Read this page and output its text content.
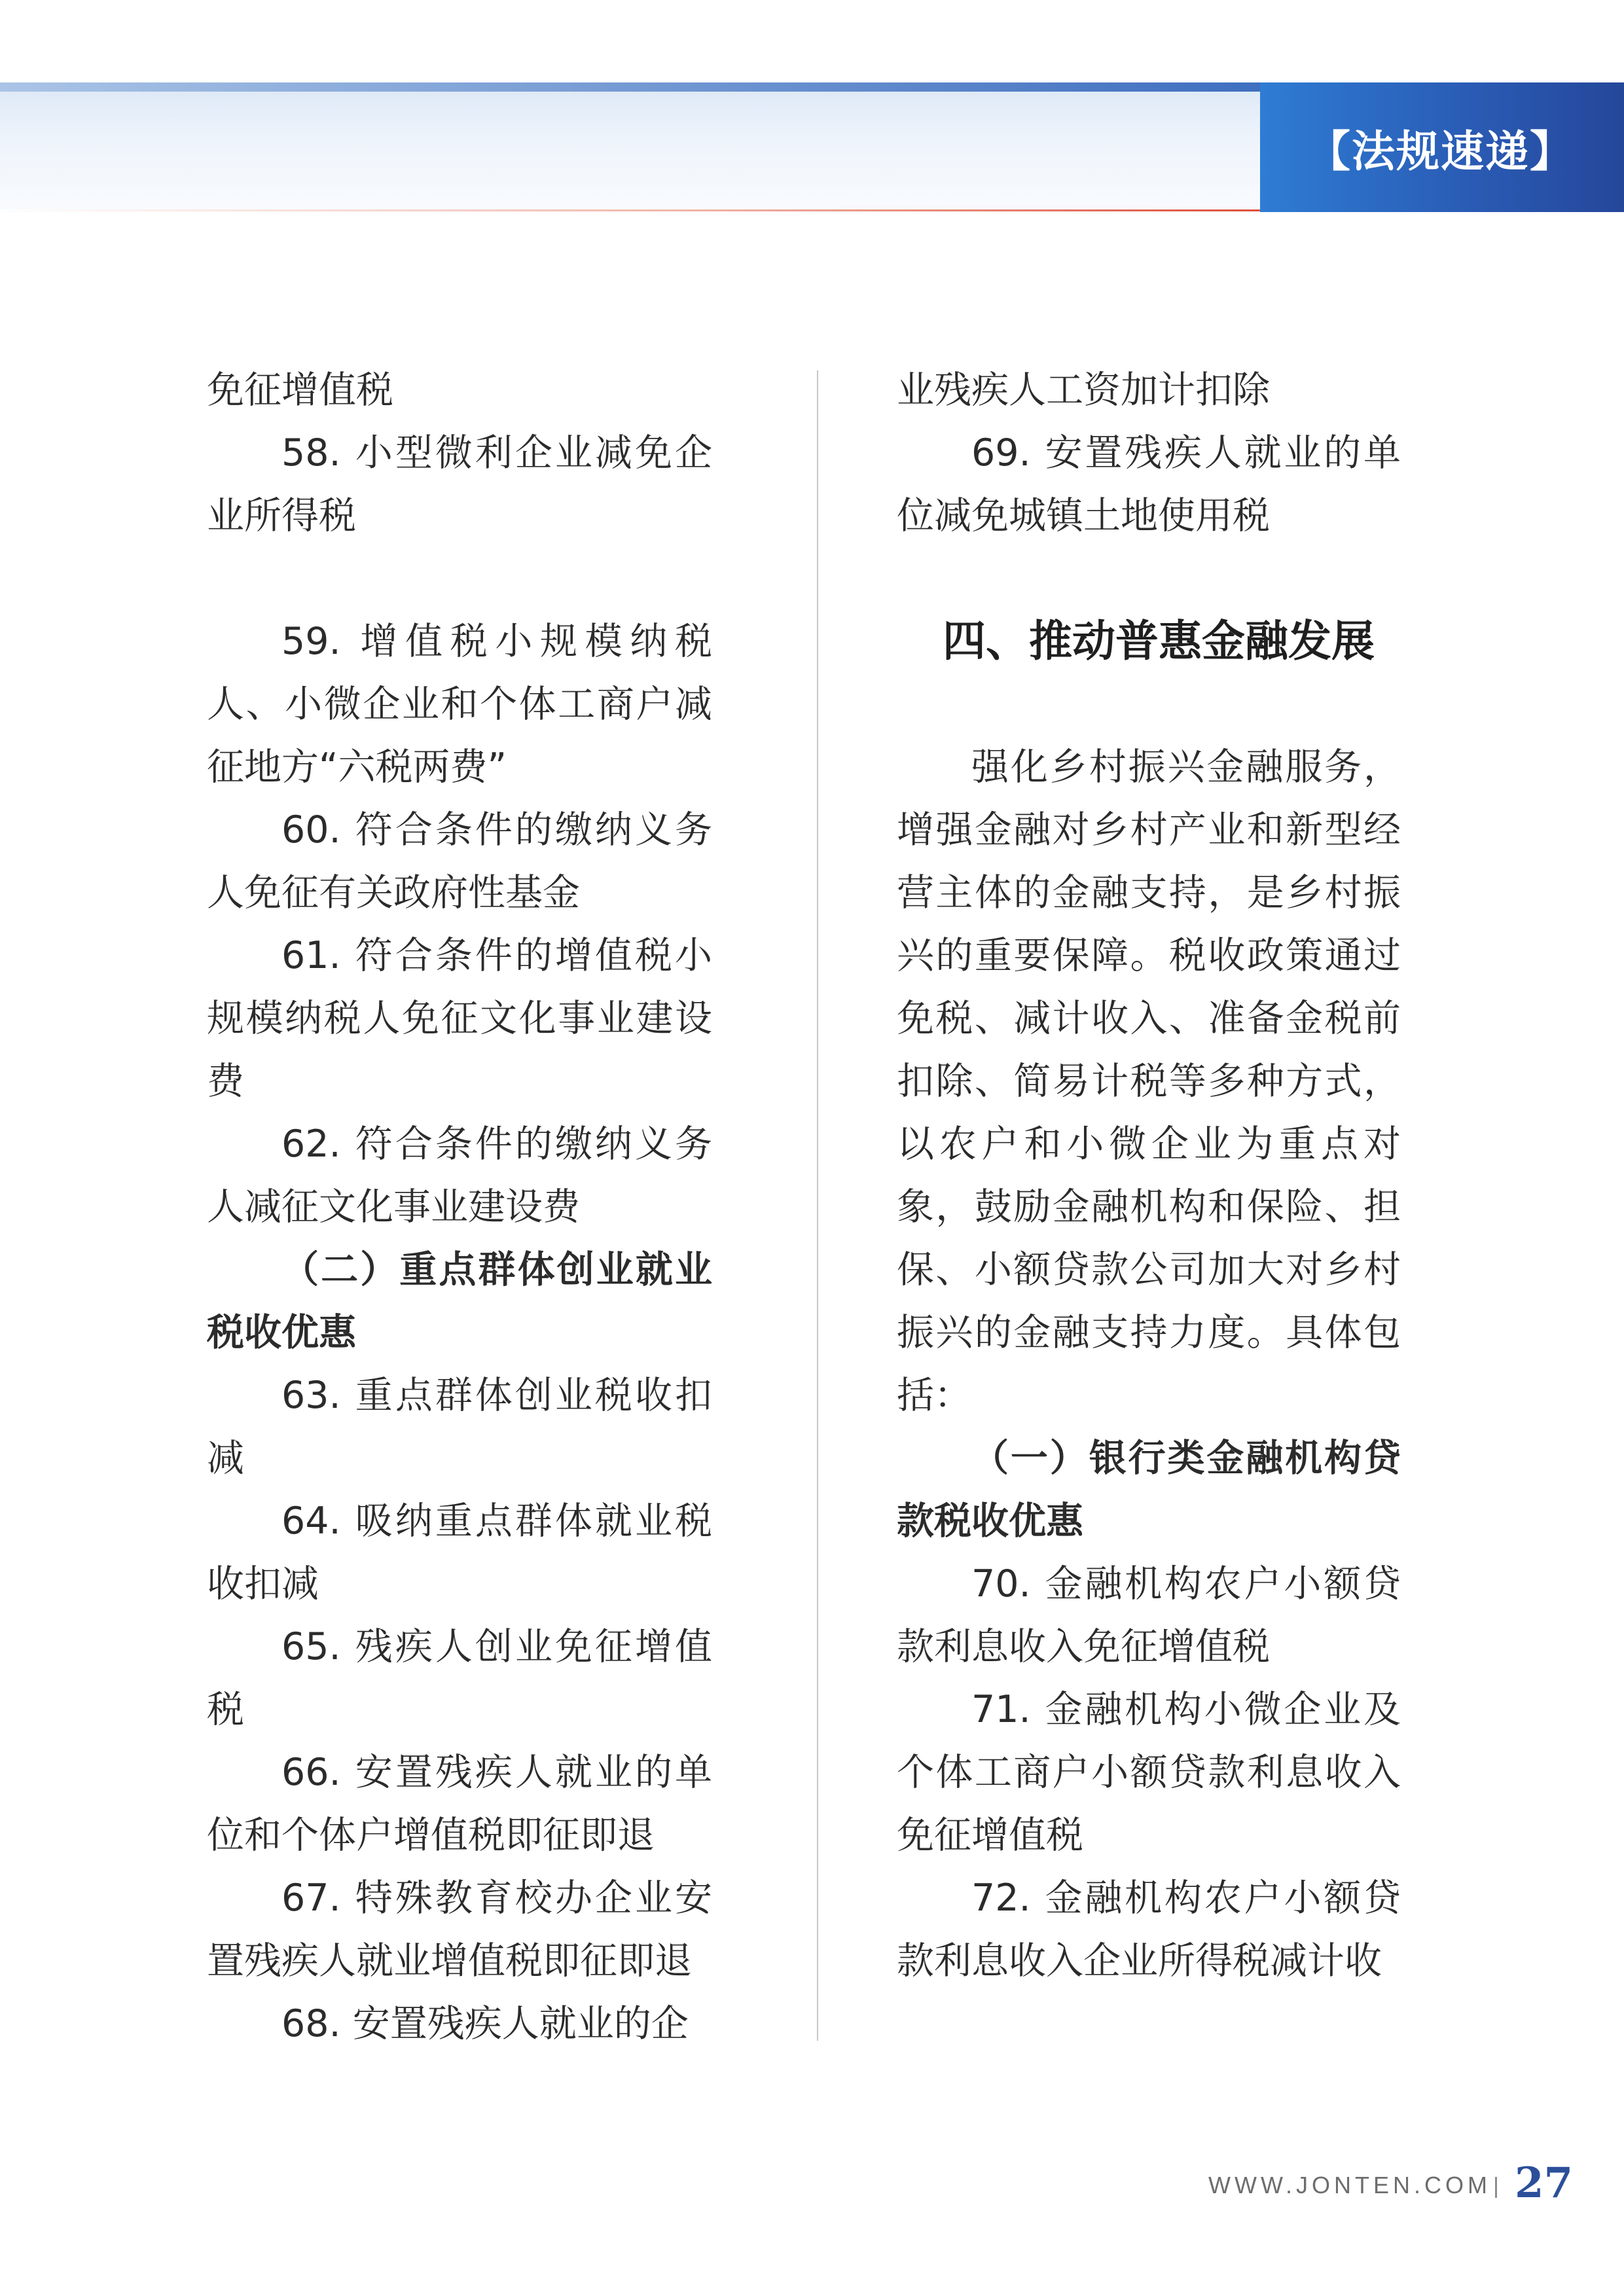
【法规速递】

免征增值税

58. 小型微利企业减免企业所得税

59. 增值税小规模纳税人、小微企业和个体工商户减征地方“六税两费”

60. 符合条件的缴纳义务人免征有关政府性基金

61. 符合条件的增值税小规模纳税人免征文化事业建设费

62. 符合条件的缴纳义务人减征文化事业建设费

（二）重点群体创业就业税收优惠

63. 重点群体创业税收扣减

64. 吸纳重点群体就业税收扣减

65. 残疾人创业免征增值税

66. 安置残疾人就业的单位和个体户增值税即征即退

67. 特殊教育校办企业安置残疾人就业增值税即征即退

68. 安置残疾人就业的企

业残疾人工资加计扣除

69. 安置残疾人就业的单位减免城镇土地使用税

四、推动普惠金融发展

强化乡村振兴金融服务，增强金融对乡村产业和新型经营主体的金融支持，是乡村振兴的重要保障。税收政策通过免税、减计收入、准备金税前扣除、简易计税等多种方式，以农户和小微企业为重点对象，鼓励金融机构和保险、担保、小额贷款公司加大对乡村振兴的金融支持力度。具体包括：

（一）银行类金融机构贷款税收优惠

70. 金融机构农户小额贷款利息收入免征增值税

71. 金融机构小微企业及个体工商户小额贷款利息收入免征增值税

72. 金融机构农户小额贷款利息收入企业所得税减计收

WWW.JONTEN.COM 27
